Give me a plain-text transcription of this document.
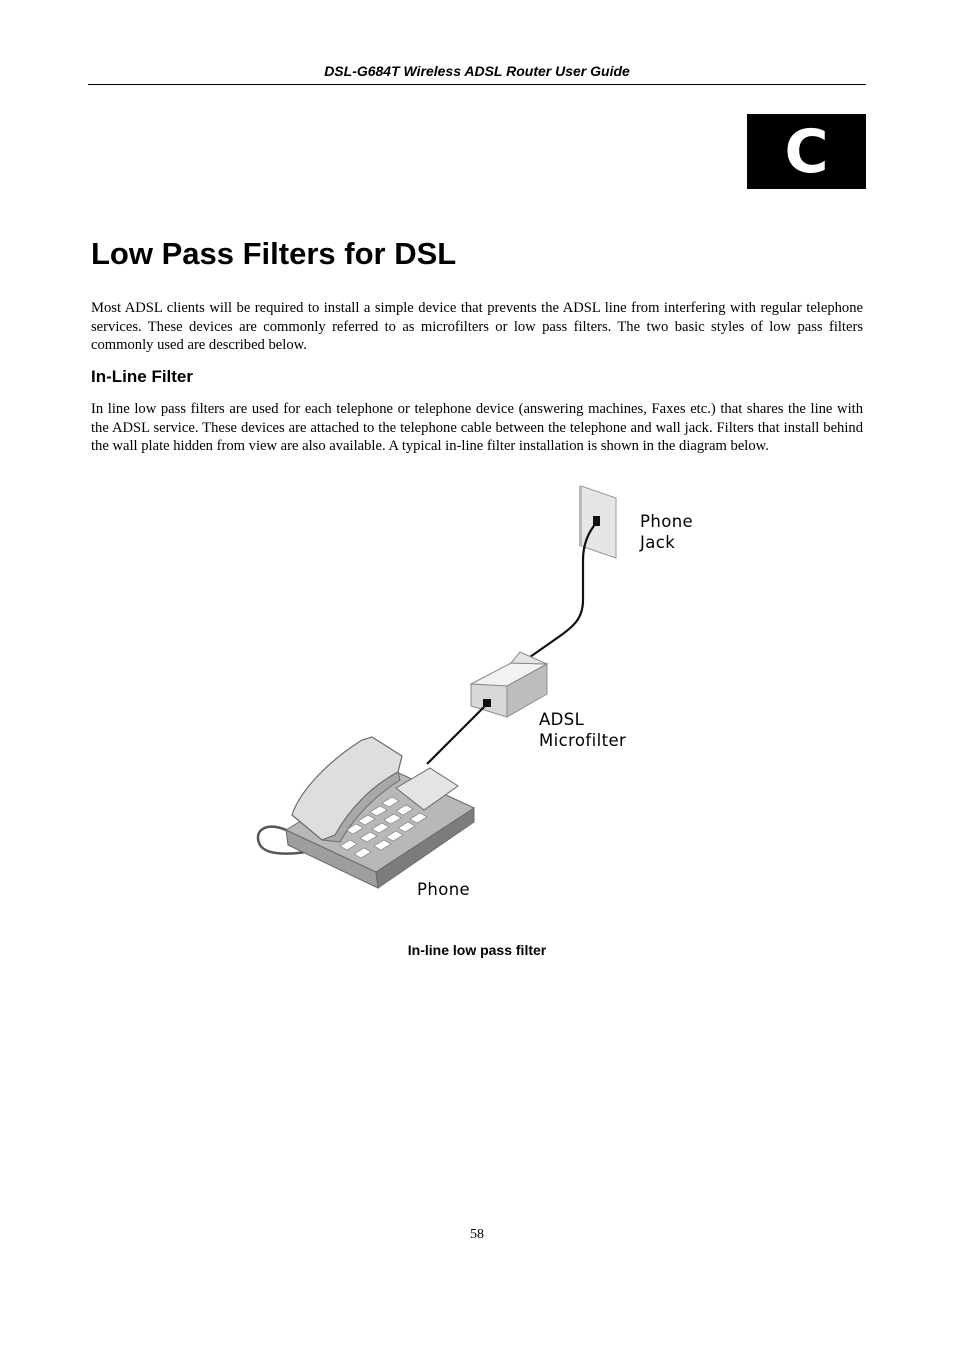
DSL-G684T Wireless ADSL Router User Guide
C
Low Pass Filters for DSL

Most ADSL clients will be required to install a simple device that prevents the ADSL line from interfering with regular telephone services. These devices are commonly referred to as microfilters or low pass filters. The two basic styles of low pass filters commonly used are described below.

In-Line Filter

In line low pass filters are used for each telephone or telephone device (answering machines, Faxes etc.) that shares the line with the ADSL service. These devices are attached to the telephone cable between the telephone and wall jack. Filters that install behind the wall plate hidden from view are also available. A typical in-line filter installation is shown in the diagram below.

Phone
Jack
ADSL
Microfilter
Phone
In-line low pass filter
58
